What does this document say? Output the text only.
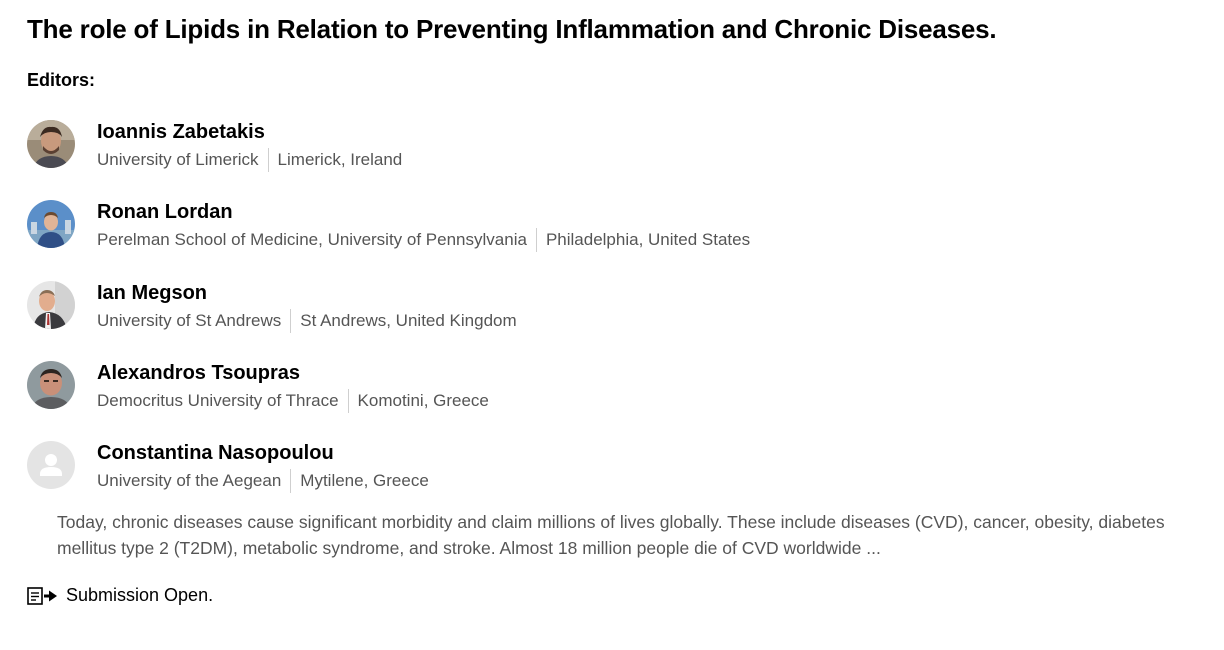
The role of Lipids in Relation to Preventing Inflammation and Chronic Diseases.
Editors:
Ioannis Zabetakis
University of Limerick Limerick, Ireland
Ronan Lordan
Perelman School of Medicine, University of Pennsylvania Philadelphia, United States
Ian Megson
University of St Andrews St Andrews, United Kingdom
Alexandros Tsoupras
Democritus University of Thrace Komotini, Greece
Constantina Nasopoulou
University of the Aegean Mytilene, Greece

Today, chronic diseases cause significant morbidity and claim millions of lives globally. These include diseases (CVD), cancer, obesity, diabetes mellitus type 2 (T2DM), metabolic syndrome, and stroke. Almost 18 million people die of CVD worldwide ...

Submission Open.
